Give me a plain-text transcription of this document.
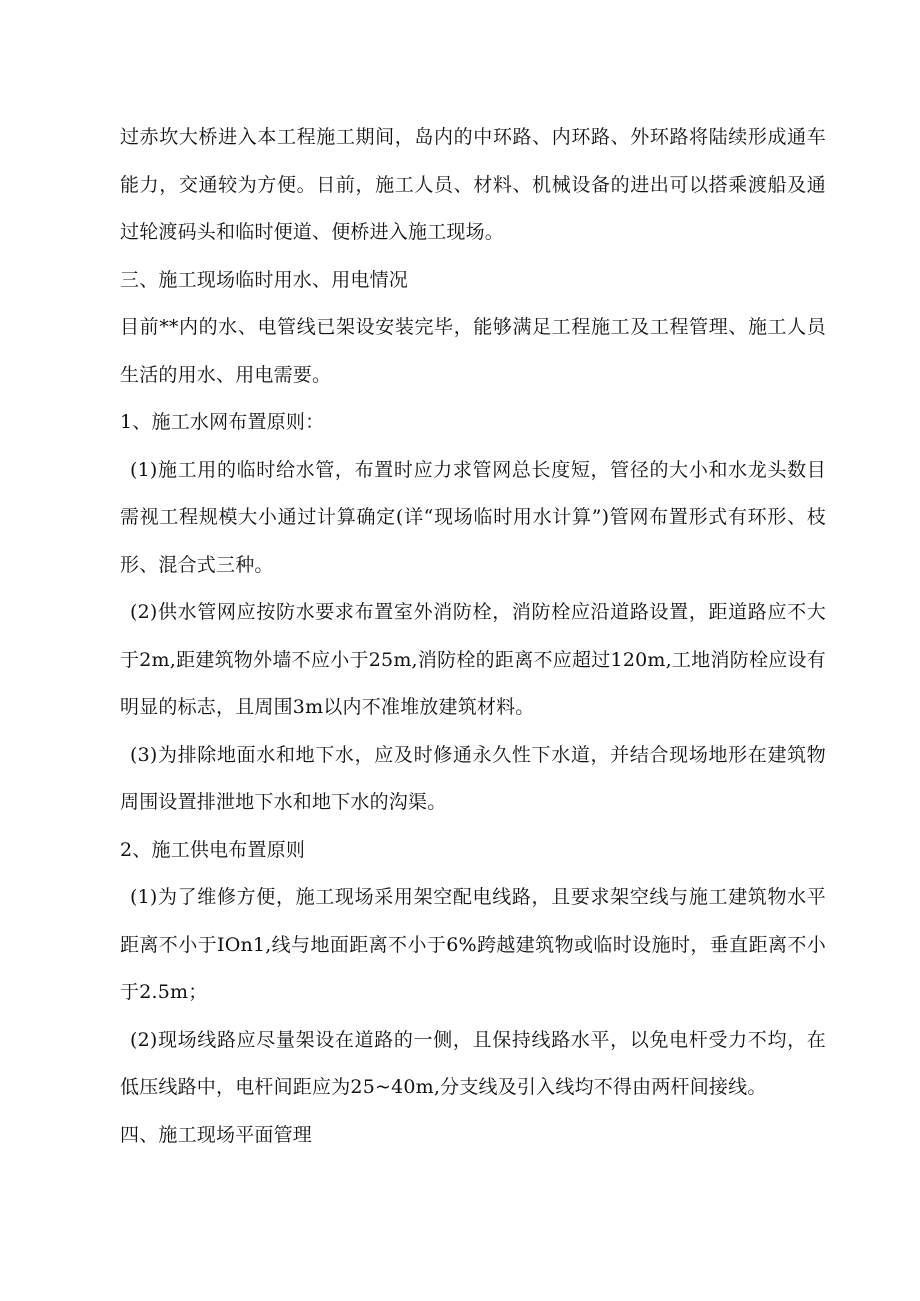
过赤坎大桥进入本工程施工期间，岛内的中环路、内环路、外环路将陆续形成通车能力，交通较为方便。日前，施工人员、材料、机械设备的进出可以搭乘渡船及通过轮渡码头和临时便道、便桥进入施工现场。

三、施工现场临时用水、用电情况

目前**内的水、电管线已架设安装完毕，能够满足工程施工及工程管理、施工人员生活的用水、用电需要。

1、施工水网布置原则：

(1)施工用的临时给水管，布置时应力求管网总长度短，管径的大小和水龙头数目需视工程规模大小通过计算确定(详“现场临时用水计算”)管网布置形式有环形、枝形、混合式三种。

(2)供水管网应按防水要求布置室外消防栓，消防栓应沿道路设置，距道路应不大于2m,距建筑物外墙不应小于25m,消防栓的距离不应超过120m,工地消防栓应设有明显的标志，且周围3m以内不准堆放建筑材料。

(3)为排除地面水和地下水，应及时修通永久性下水道，并结合现场地形在建筑物周围设置排泄地下水和地下水的沟渠。

2、施工供电布置原则

(1)为了维修方便，施工现场采用架空配电线路，且要求架空线与施工建筑物水平距离不小于IOn1,线与地面距离不小于6%跨越建筑物或临时设施时，垂直距离不小于2.5m；

(2)现场线路应尽量架设在道路的一侧，且保持线路水平，以免电杆受力不均，在低压线路中，电杆间距应为25~40m,分支线及引入线均不得由两杆间接线。

四、施工现场平面管理
